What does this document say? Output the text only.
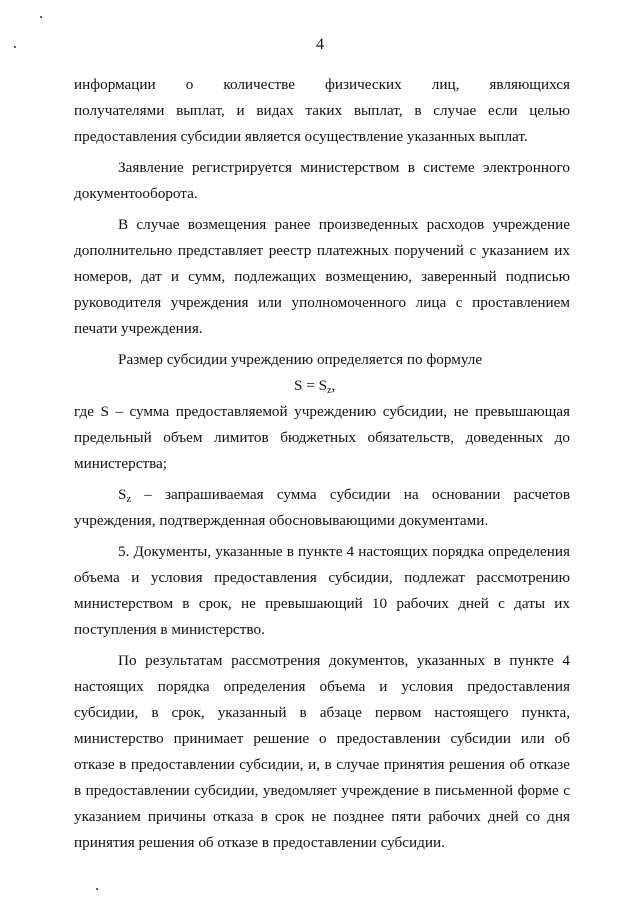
4
информации о количестве физических лиц, являющихся
получателями выплат, и видах таких выплат, в случае если целью
предоставления субсидии является осуществление указанных выплат.
Заявление регистрируется министерством в системе электронного
документооборота.
В случае возмещения ранее произведенных расходов учреждение
дополнительно представляет реестр платежных поручений с указанием их
номеров, дат и сумм, подлежащих возмещению, заверенный подписью
руководителя учреждения или уполномоченного лица с проставлением
печати учреждения.
Размер субсидии учреждению определяется по формуле
$S = S_z$,
где S – сумма предоставляемой учреждению субсидии, не превышающая
предельный объем лимитов бюджетных обязательств, доведенных до
министерства;
$S_z$ – запрашиваемая сумма субсидии на основании расчетов
учреждения, подтвержденная обосновывающими документами.
5. Документы, указанные в пункте 4 настоящих порядка определения
объема и условия предоставления субсидии, подлежат рассмотрению
министерством в срок, не превышающий 10 рабочих дней с даты их
поступления в министерство.
По результатам рассмотрения документов, указанных в пункте 4
настоящих порядка определения объема и условия предоставления
субсидии, в срок, указанный в абзаце первом настоящего пункта,
министерство принимает решение о предоставлении субсидии или об
отказе в предоставлении субсидии, и, в случае принятия решения об отказе
в предоставлении субсидии, уведомляет учреждение в письменной форме с
указанием причины отказа в срок не позднее пяти рабочих дней со дня
принятия решения об отказе в предоставлении субсидии.
